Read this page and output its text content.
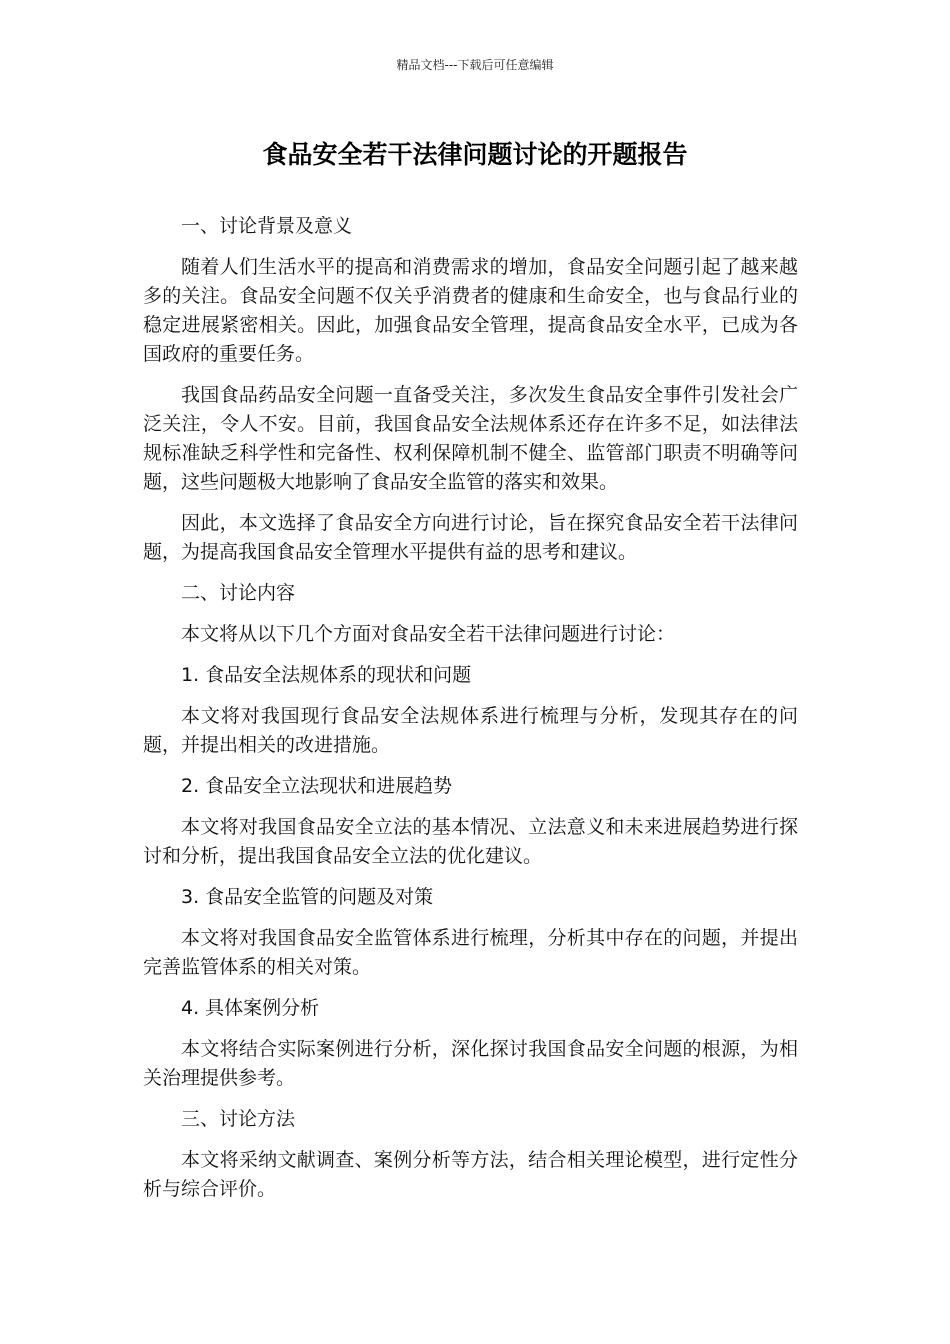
精品文档---下载后可任意编辑
食品安全若干法律问题讨论的开题报告
一、讨论背景及意义

随着人们生活水平的提高和消费需求的增加，食品安全问题引起了越来越多的关注。食品安全问题不仅关乎消费者的健康和生命安全，也与食品行业的稳定进展紧密相关。因此，加强食品安全管理，提高食品安全水平，已成为各国政府的重要任务。

我国食品药品安全问题一直备受关注，多次发生食品安全事件引发社会广泛关注，令人不安。目前，我国食品安全法规体系还存在许多不足，如法律法规标准缺乏科学性和完备性、权利保障机制不健全、监管部门职责不明确等问题，这些问题极大地影响了食品安全监管的落实和效果。

因此，本文选择了食品安全方向进行讨论，旨在探究食品安全若干法律问题，为提高我国食品安全管理水平提供有益的思考和建议。

二、讨论内容

本文将从以下几个方面对食品安全若干法律问题进行讨论：

1. 食品安全法规体系的现状和问题

本文将对我国现行食品安全法规体系进行梳理与分析，发现其存在的问题，并提出相关的改进措施。

2. 食品安全立法现状和进展趋势

本文将对我国食品安全立法的基本情况、立法意义和未来进展趋势进行探讨和分析，提出我国食品安全立法的优化建议。

3. 食品安全监管的问题及对策

本文将对我国食品安全监管体系进行梳理，分析其中存在的问题，并提出完善监管体系的相关对策。

4. 具体案例分析

本文将结合实际案例进行分析，深化探讨我国食品安全问题的根源，为相关治理提供参考。

三、讨论方法

本文将采纳文献调查、案例分析等方法，结合相关理论模型，进行定性分析与综合评价。
